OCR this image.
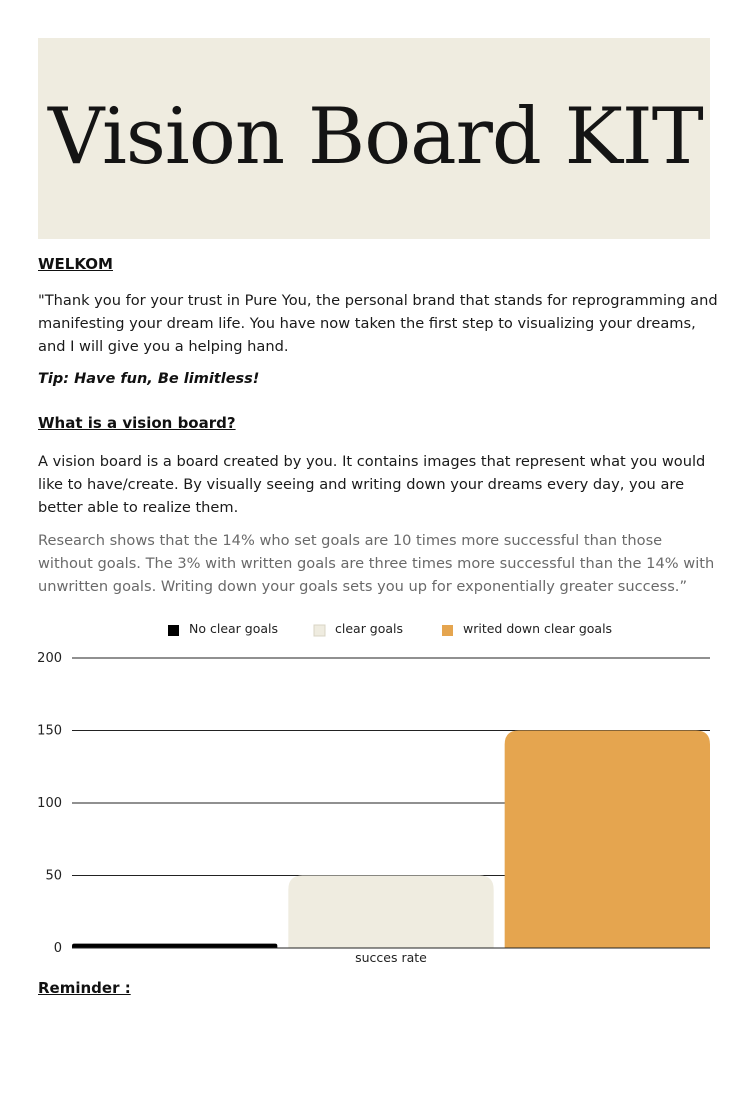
Vision Board KIT
WELKOM

"Thank you for your trust in Pure You, the personal brand that stands for reprogramming and manifesting your dream life. You have now taken the first step to visualizing your dreams, and I will give you a helping hand.

Tip: Have fun, Be limitless!

What is a vision board?

A vision board is a board created by you. It contains images that represent what you would like to have/create. By visually seeing and writing down your dreams every day, you are better able to realize them.

Research shows that the 14% who set goals are 10 times more successful than those without goals. The 3% with written goals are three times more successful than the 14% with unwritten goals. Writing down your goals sets you up for exponentially greater success.”

0
50
100
150
200
No clear goals	clear goals	writed down clear goals
succes rate
Reminder :
